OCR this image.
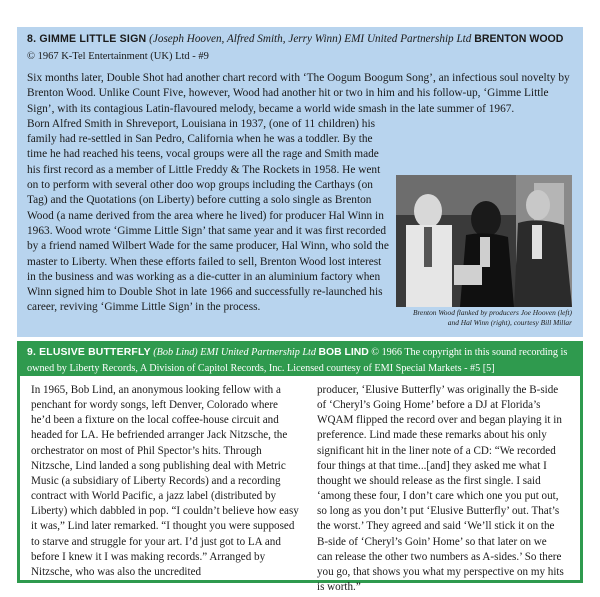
8. GIMME LITTLE SIGN (Joseph Hooven, Alfred Smith, Jerry Winn) EMI United Partnership Ltd BRENTON WOOD
© 1967 K-Tel Entertainment (UK) Ltd - #9

Six months later, Double Shot had another chart record with ‘The Oogum Boogum Song’, an infectious soul novelty by Brenton Wood. Unlike Count Five, however, Wood had another hit or two in him and his follow-up, ‘Gimme Little Sign’, with its contagious Latin-flavoured melody, became a world wide smash in the late summer of 1967.

Born Alfred Smith in Shreveport, Louisiana in 1937, (one of 11 children) his family had re-settled in San Pedro, California when he was a toddler. By the time he had reached his teens, vocal groups were all the rage and Smith made his first record as a member of Little Freddy & The Rockets in 1958. He went on to perform with several other doo wop groups including the Carthays (on Tag) and the Quotations (on Liberty) before cutting a solo single as Brenton Wood (a name derived from the area where he lived) for producer Hal Winn in 1963. Wood wrote ‘Gimme Little Sign’ that same year and it was first recorded by a friend named Wilbert Wade for the same producer, Hal Winn, who sold the master to Liberty. When these efforts failed to sell, Brenton Wood lost interest in the business and was working as a die-cutter in an aluminium factory when Winn signed him to Double Shot in late 1966 and successfully re-launched his career, reviving ‘Gimme Little Sign’ in the process.	Brenton Wood flanked by producers Joe Hooven (left)
and Hal Winn (right), courtesy Bill Millar
9. ELUSIVE BUTTERFLY (Bob Lind) EMI United Partnership Ltd BOB LIND © 1966 The copyright in this sound recording is owned by Liberty Records, A Division of Capitol Records, Inc. Licensed courtesy of EMI Special Markets - #5 [5]

In 1965, Bob Lind, an anonymous looking fellow with a penchant for wordy songs, left Denver, Colorado where he’d been a fixture on the local coffee-house circuit and headed for LA. He befriended arranger Jack Nitzsche, the orchestrator on most of Phil Spector’s hits. Through Nitzsche, Lind landed a song publishing deal with Metric Music (a subsidiary of Liberty Records) and a recording contract with World Pacific, a jazz label (distributed by Liberty) which dabbled in pop. “I couldn’t believe how easy it was,” Lind later remarked. “I thought you were supposed to starve and struggle for your art. I’d just got to LA and before I knew it I was making records.” Arranged by Nitzsche, who was also the uncredited

producer, ‘Elusive Butterfly’ was originally the B-side of ‘Cheryl’s Going Home’ before a DJ at Florida’s WQAM flipped the record over and began playing it in preference. Lind made these remarks about his only significant hit in the liner note of a CD: “We recorded four things at that time...[and] they asked me what I thought we should release as the first single. I said ‘among these four, I don’t care which one you put out, so long as you don’t put ‘Elusive Butterfly’ out. That’s the worst.’ They agreed and said ‘We’ll stick it on the B-side of ‘Cheryl’s Goin’ Home’ so that later on we can release the other two numbers as A-sides.’ So there you go, that shows you what my perspective on my hits is worth.”
